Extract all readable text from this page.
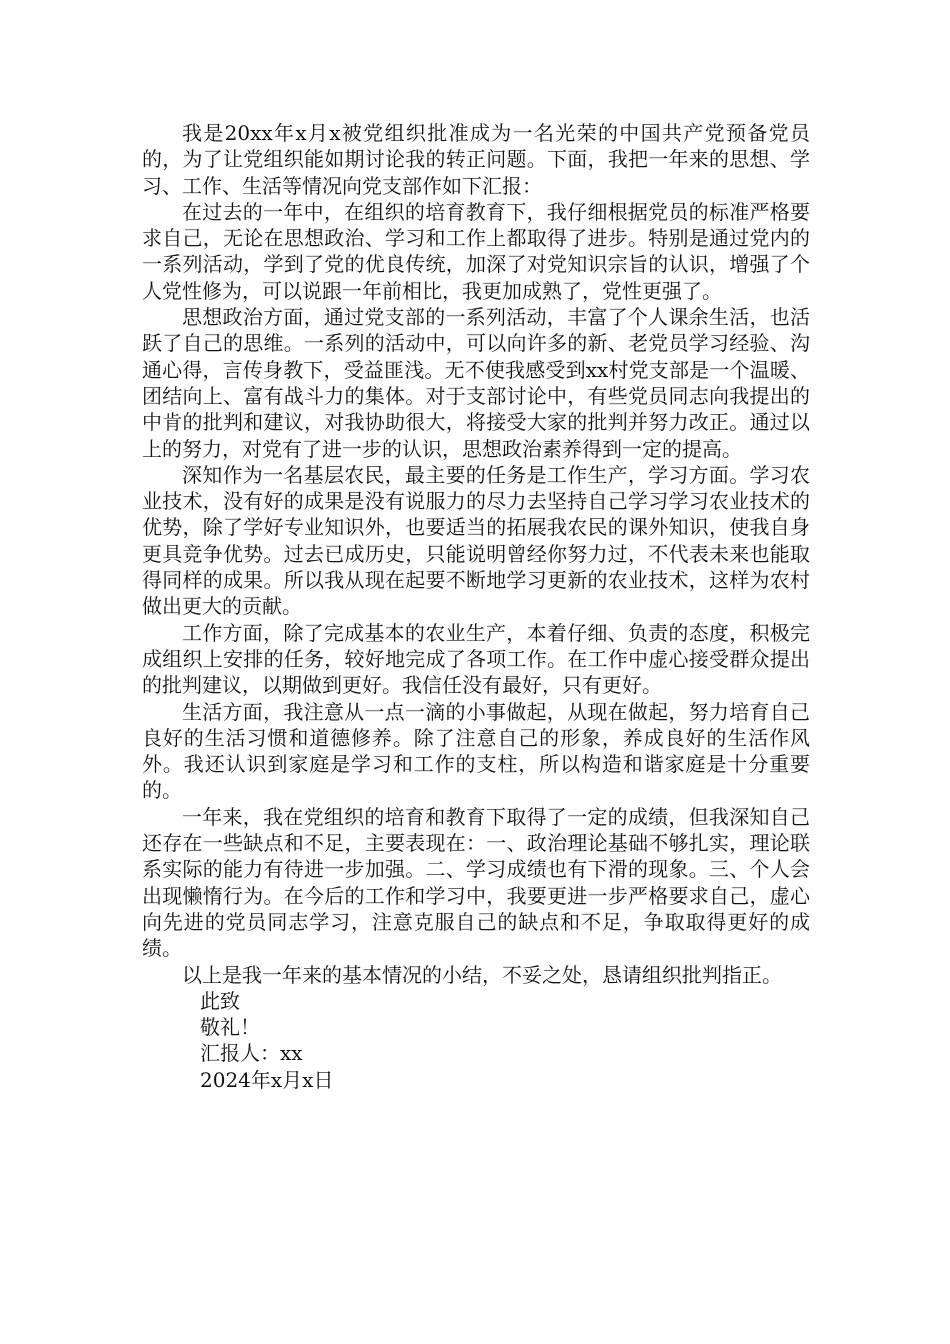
我是20xx年x月x被党组织批准成为一名光荣的中国共产党预备党员的，为了让党组织能如期讨论我的转正问题。下面，我把一年来的思想、学习、工作、生活等情况向党支部作如下汇报：

在过去的一年中，在组织的培育教育下，我仔细根据党员的标准严格要求自己，无论在思想政治、学习和工作上都取得了进步。特别是通过党内的一系列活动，学到了党的优良传统，加深了对党知识宗旨的认识，增强了个人党性修为，可以说跟一年前相比，我更加成熟了，党性更强了。

思想政治方面，通过党支部的一系列活动，丰富了个人课余生活，也活跃了自己的思维。一系列的活动中，可以向许多的新、老党员学习经验、沟通心得，言传身教下，受益匪浅。无不使我感受到xx村党支部是一个温暖、团结向上、富有战斗力的集体。对于支部讨论中，有些党员同志向我提出的中肯的批判和建议，对我协助很大，将接受大家的批判并努力改正。通过以上的努力，对党有了进一步的认识，思想政治素养得到一定的提高。

深知作为一名基层农民，最主要的任务是工作生产，学习方面。学习农业技术，没有好的成果是没有说服力的尽力去坚持自己学习学习农业技术的优势，除了学好专业知识外，也要适当的拓展我农民的课外知识，使我自身更具竞争优势。过去已成历史，只能说明曾经你努力过，不代表未来也能取得同样的成果。所以我从现在起要不断地学习更新的农业技术，这样为农村做出更大的贡献。

工作方面，除了完成基本的农业生产，本着仔细、负责的态度，积极完成组织上安排的任务，较好地完成了各项工作。在工作中虚心接受群众提出的批判建议，以期做到更好。我信任没有最好，只有更好。

生活方面，我注意从一点一滴的小事做起，从现在做起，努力培育自己良好的生活习惯和道德修养。除了注意自己的形象，养成良好的生活作风外。我还认识到家庭是学习和工作的支柱，所以构造和谐家庭是十分重要的。

一年来，我在党组织的培育和教育下取得了一定的成绩，但我深知自己还存在一些缺点和不足，主要表现在：一、政治理论基础不够扎实，理论联系实际的能力有待进一步加强。二、学习成绩也有下滑的现象。三、个人会出现懒惰行为。在今后的工作和学习中，我要更进一步严格要求自己，虚心向先进的党员同志学习，注意克服自己的缺点和不足，争取取得更好的成绩。

以上是我一年来的基本情况的小结，不妥之处，恳请组织批判指正。

此致
敬礼！
汇报人：xx
2024年x月x日
